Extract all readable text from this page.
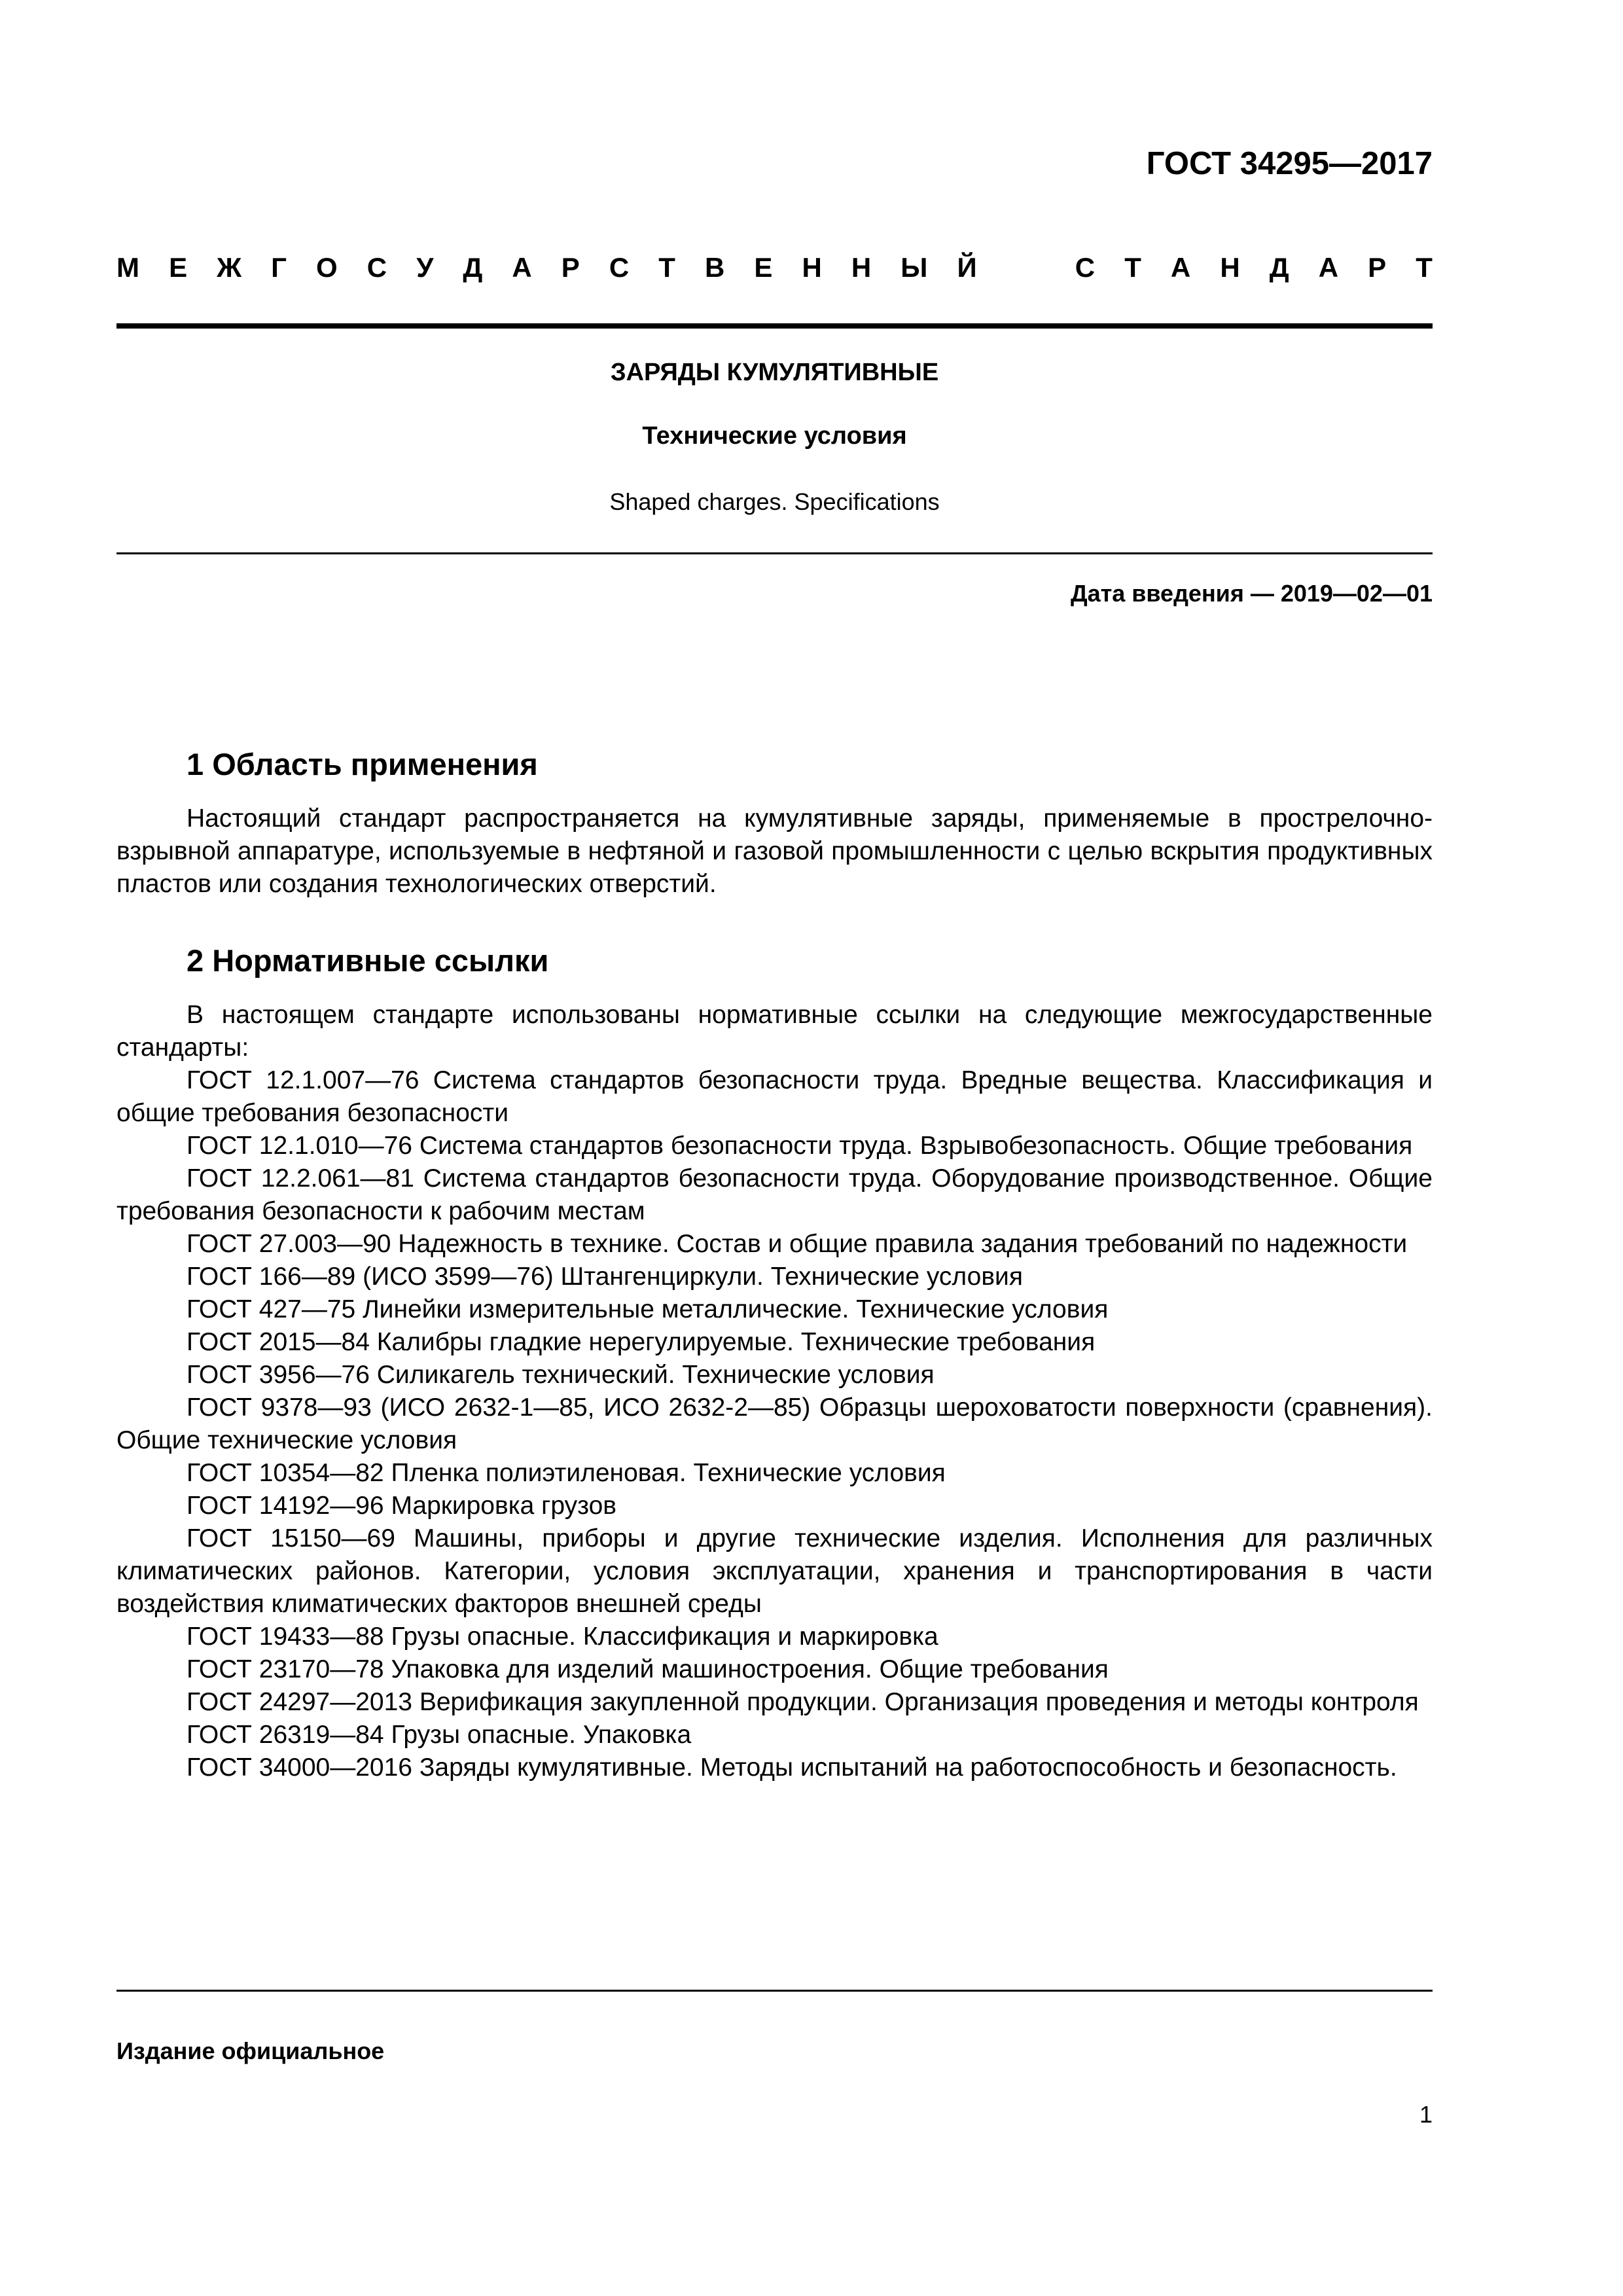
ГОСТ 34295—2017
М Е Ж Г О С У Д А Р С Т В Е Н Н Ы Й	С Т А Н Д А Р Т
ЗАРЯДЫ КУМУЛЯТИВНЫЕ
Технические условия
Shaped charges. Specifications
Дата введения — 2019—02—01
1 Область применения

Настоящий стандарт распространяется на кумулятивные заряды, применяемые в прострелочно-взрывной аппаратуре, используемые в нефтяной и газовой промышленности с целью вскрытия продуктивных пластов или создания технологических отверстий.

2 Нормативные ссылки

В настоящем стандарте использованы нормативные ссылки на следующие межгосударственные стандарты:

ГОСТ 12.1.007—76 Система стандартов безопасности труда. Вредные вещества. Классификация и общие требования безопасности

ГОСТ 12.1.010—76 Система стандартов безопасности труда. Взрывобезопасность. Общие требования

ГОСТ 12.2.061—81 Система стандартов безопасности труда. Оборудование производственное. Общие требования безопасности к рабочим местам

ГОСТ 27.003—90 Надежность в технике. Состав и общие правила задания требований по надежности

ГОСТ 166—89 (ИСО 3599—76) Штангенциркули. Технические условия

ГОСТ 427—75 Линейки измерительные металлические. Технические условия

ГОСТ 2015—84 Калибры гладкие нерегулируемые. Технические требования

ГОСТ 3956—76 Силикагель технический. Технические условия

ГОСТ 9378—93 (ИСО 2632-1—85, ИСО 2632-2—85) Образцы шероховатости поверхности (сравнения). Общие технические условия

ГОСТ 10354—82 Пленка полиэтиленовая. Технические условия

ГОСТ 14192—96 Маркировка грузов

ГОСТ 15150—69 Машины, приборы и другие технические изделия. Исполнения для различных климатических районов. Категории, условия эксплуатации, хранения и транспортирования в части воздействия климатических факторов внешней среды

ГОСТ 19433—88 Грузы опасные. Классификация и маркировка

ГОСТ 23170—78 Упаковка для изделий машиностроения. Общие требования

ГОСТ 24297—2013 Верификация закупленной продукции. Организация проведения и методы контроля

ГОСТ 26319—84 Грузы опасные. Упаковка

ГОСТ 34000—2016 Заряды кумулятивные. Методы испытаний на работоспособность и безопасность.

Издание официальное
1
